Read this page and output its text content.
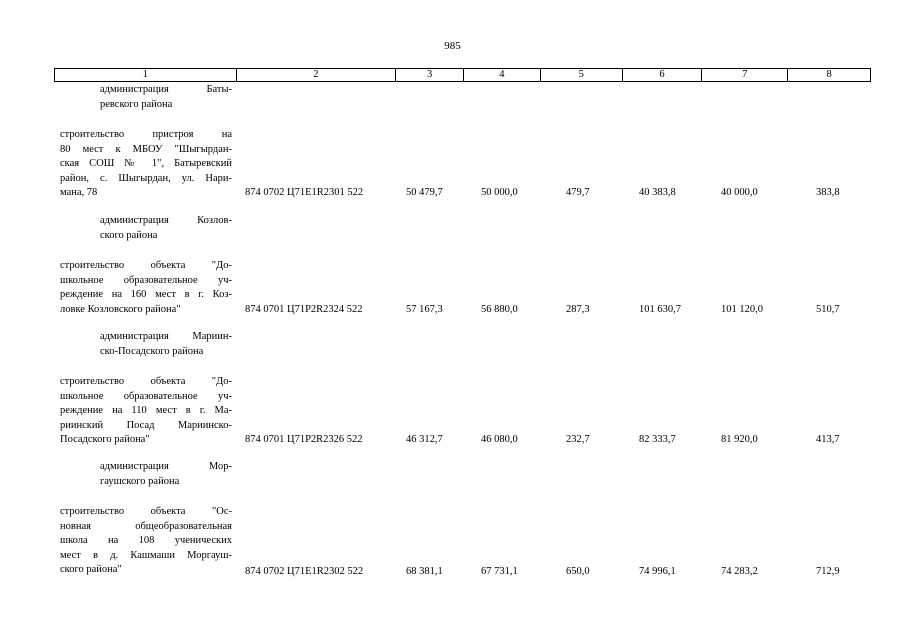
985
1	2	3	4	5	6	7	8
администрация Баты-
ревского района
строительство пристроя на
80 мест к МБОУ "Шыгырдан-
ская СОШ № 1", Батыревский
район, с. Шыгырдан, ул. Нари-
мана, 78	874 0702 Ц71Е1R2301 522	50 479,7	50 000,0	479,7	40 383,8	40 000,0	383,8
администрация Козлов-
ского района
строительство объекта "До-
школьное образовательное уч-
реждение на 160 мест в г. Коз-
ловке Козловского района"	874 0701 Ц71Р2R2324 522	57 167,3	56 880,0	287,3	101 630,7	101 120,0	510,7
администрация Мариин-
ско-Посадского района
строительство объекта "До-
школьное образовательное уч-
реждение на 110 мест в г. Ма-
риинский Посад Мариинско-
Посадского района"	874 0701 Ц71Р2R2326 522	46 312,7	46 080,0	232,7	82 333,7	81 920,0	413,7
администрация Мор-
гаушского района
строительство объекта "Ос-
новная общеобразовательная
школа на 108 ученических
мест в д. Кашмаши Моргауш-
ского района"	874 0702 Ц71Е1R2302 522	68 381,1	67 731,1	650,0	74 996,1	74 283,2	712,9
